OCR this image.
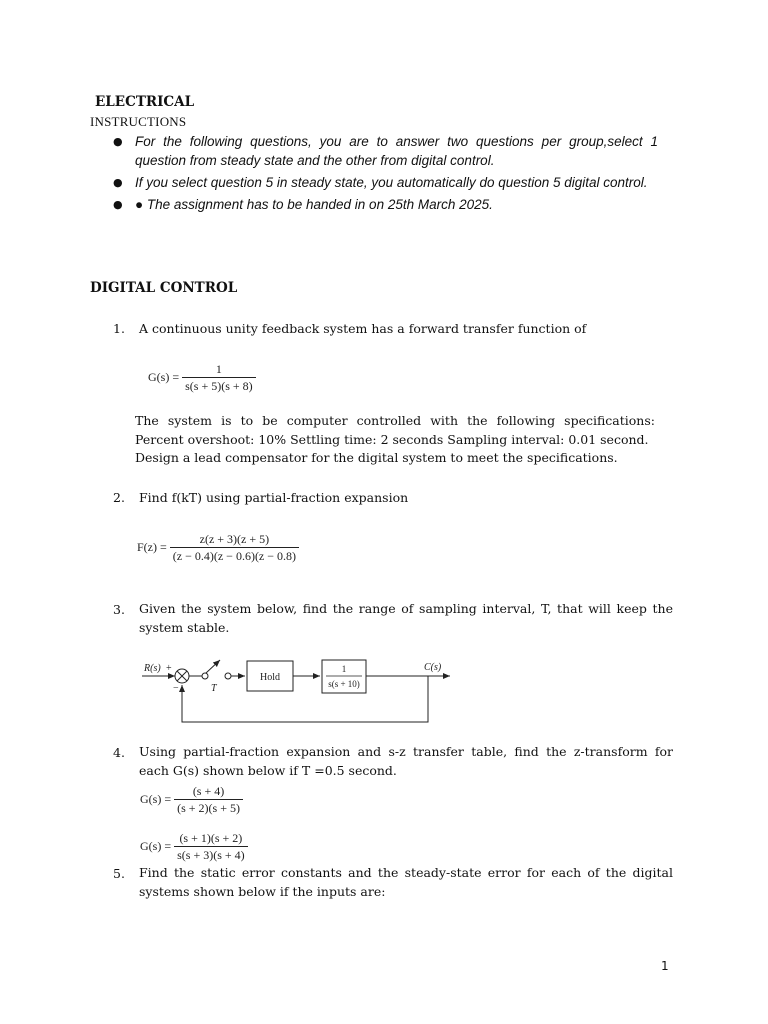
ELECTRICAL
INSTRUCTIONS
● For the following questions, you are to answer two questions per group,select 1 question from steady state and the other from digital control.
● If you select question 5 in steady state, you automatically do question 5 digital control.
● ● The assignment has to be handed in on 25th March 2025.
DIGITAL CONTROL
1. A continuous unity feedback system has a forward transfer function of
$G(s) = \frac{1}{s(s + 5)(s + 8)}$
The system is to be computer controlled with the following specifications: Percent overshoot: 10% Settling time: 2 seconds Sampling interval: 0.01 second.
Design a lead compensator for the digital system to meet the specifications.
2. Find f(kT) using partial-fraction expansion
$F(z) = \frac{z(z + 3)(z + 5)}{(z - 0.4)(z - 0.6)(z - 0.8)}$
3. Given the system below, find the range of sampling interval, T, that will keep the system stable.
R(s) +
−	T
Hold
1
s(s + 10)
C(s)
4. Using partial-fraction expansion and s-z transfer table, find the z-transform for each G(s) shown below if T =0.5 second.
$G(s) = \frac{(s + 4)}{(s + 2)(s + 5)}$
$G(s) = \frac{(s + 1)(s + 2)}{s(s + 3)(s + 4)}$
5. Find the static error constants and the steady-state error for each of the digital systems shown below if the inputs are:
1
